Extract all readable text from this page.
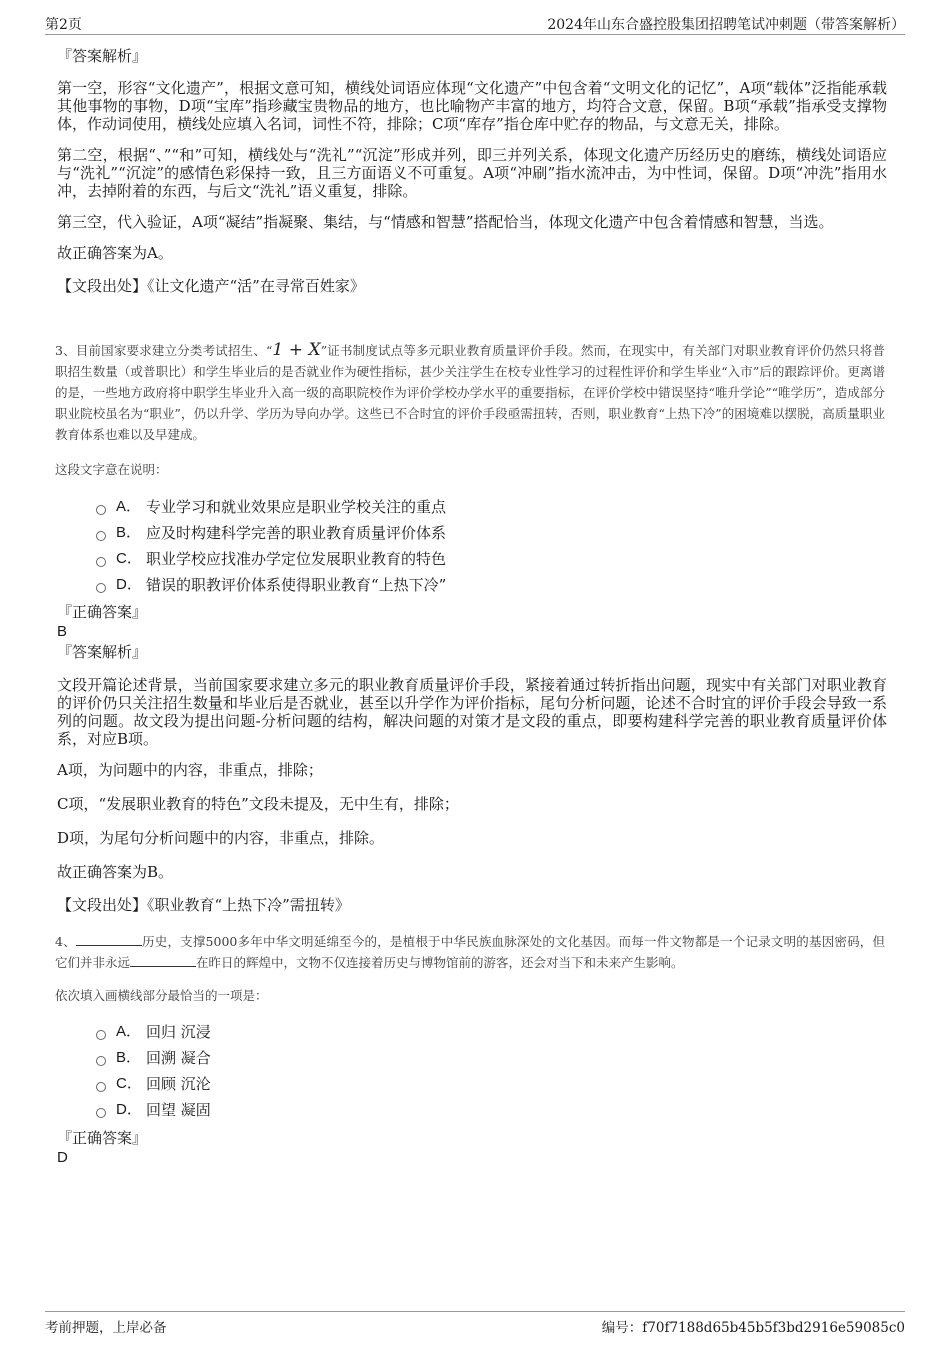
第2页	2024年山东合盛控股集团招聘笔试冲刺题（带答案解析）
『答案解析』

第一空，形容“文化遗产”，根据文意可知，横线处词语应体现“文化遗产”中包含着“文明文化的记忆”，A项“载体”泛指能承载其他事物的事物，D项“宝库”指珍藏宝贵物品的地方，也比喻物产丰富的地方，均符合文意，保留。B项“承载”指承受支撑物体，作动词使用，横线处应填入名词，词性不符，排除；C项“库存”指仓库中贮存的物品，与文意无关，排除。

第二空，根据“、”“和”可知，横线处与“洗礼”“沉淀”形成并列，即三并列关系，体现文化遗产历经历史的磨练，横线处词语应与“洗礼”“沉淀”的感情色彩保持一致，且三方面语义不可重复。A项“冲刷”指水流冲击，为中性词，保留。D项“冲洗”指用水冲，去掉附着的东西，与后文“洗礼”语义重复，排除。

第三空，代入验证，A项“凝结”指凝聚、集结，与“情感和智慧”搭配恰当，体现文化遗产中包含着情感和智慧，当选。

故正确答案为A。

【文段出处】《让文化遗产“活”在寻常百姓家》

3、目前国家要求建立分类考试招生、“1 + X”证书制度试点等多元职业教育质量评价手段。然而，在现实中，有关部门对职业教育评价仍然只将普职招生数量（或普职比）和学生毕业后的是否就业作为硬性指标，甚少关注学生在校专业性学习的过程性评价和学生毕业“入市”后的跟踪评价。更离谱的是，一些地方政府将中职学生毕业升入高一级的高职院校作为评价学校办学水平的重要指标，在评价学校中错误坚持“唯升学论”“唯学历”，造成部分职业院校虽名为“职业”，仍以升学、学历为导向办学。这些已不合时宜的评价手段亟需扭转，否则，职业教育“上热下冷”的困境难以摆脱，高质量职业教育体系也难以及早建成。

这段文字意在说明：

A． 专业学习和就业效果应是职业学校关注的重点
B． 应及时构建科学完善的职业教育质量评价体系
C． 职业学校应找准办学定位发展职业教育的特色
D． 错误的职教评价体系使得职业教育“上热下冷”
『正确答案』
B
『答案解析』

文段开篇论述背景，当前国家要求建立多元的职业教育质量评价手段，紧接着通过转折指出问题，现实中有关部门对职业教育的评价仍只关注招生数量和毕业后是否就业，甚至以升学作为评价指标，尾句分析问题，论述不合时宜的评价手段会导致一系列的问题。故文段为提出问题-分析问题的结构，解决问题的对策才是文段的重点，即要构建科学完善的职业教育质量评价体系，对应B项。

A项，为问题中的内容，非重点，排除；

C项，“发展职业教育的特色”文段未提及，无中生有，排除；

D项，为尾句分析问题中的内容，非重点，排除。

故正确答案为B。

【文段出处】《职业教育“上热下冷”需扭转》

4、	历史，支撑5000多年中华文明延绵至今的，是植根于中华民族血脉深处的文化基因。而每一件文物都是一个记录文明的基因密码，但它们并非永远	在昨日的辉煌中，文物不仅连接着历史与博物馆前的游客，还会对当下和未来产生影响。

依次填入画横线部分最恰当的一项是：

A． 回归 沉浸
B． 回溯 凝合
C． 回顾 沉沦
D． 回望 凝固
『正确答案』
D
考前押题，上岸必备	编号：f70f7188d65b45b5f3bd2916e59085c0
